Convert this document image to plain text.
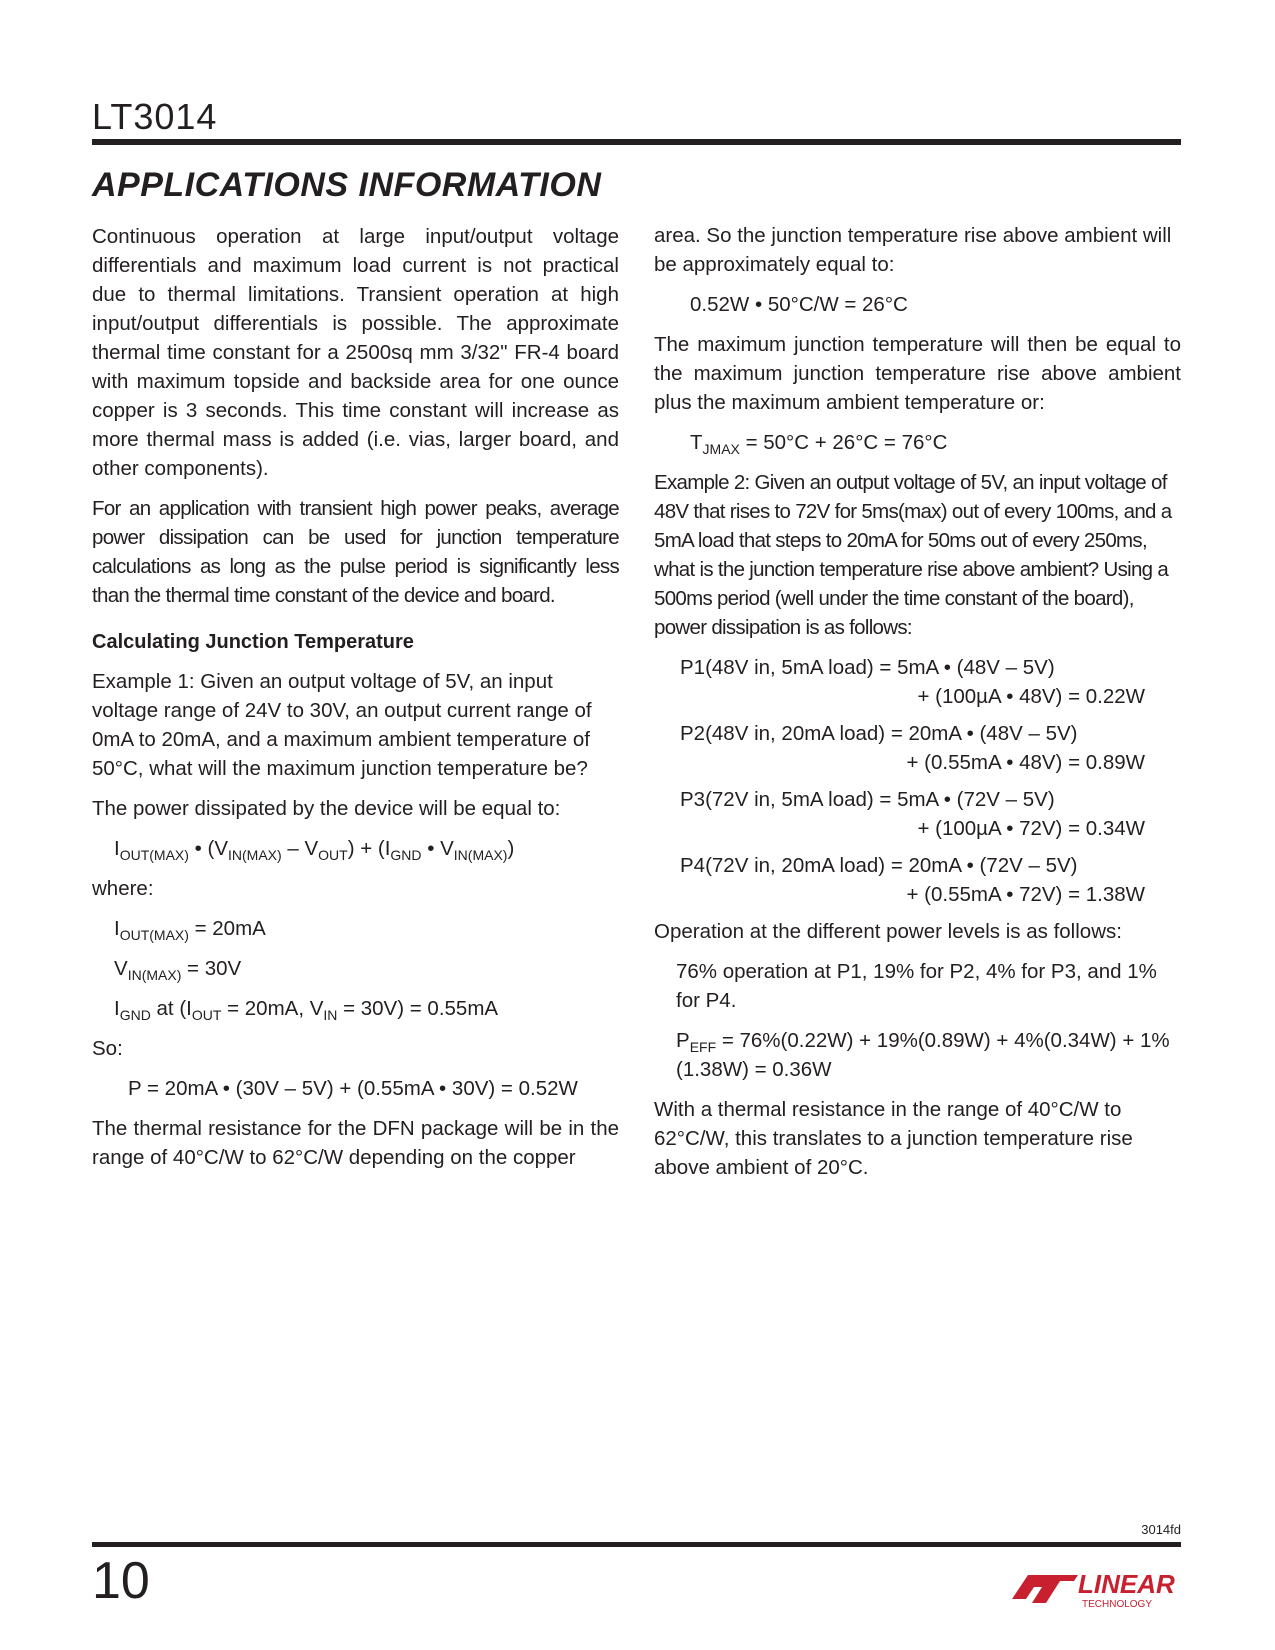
LT3014
APPLICATIONS INFORMATION

Continuous operation at large input/output voltage differentials and maximum load current is not practical due to thermal limitations. Transient operation at high input/output differentials is possible. The approximate thermal time constant for a 2500sq mm 3/32" FR-4 board with maximum topside and backside area for one ounce copper is 3 seconds. This time constant will increase as more thermal mass is added (i.e. vias, larger board, and other components).

For an application with transient high power peaks, average power dissipation can be used for junction temperature calculations as long as the pulse period is significantly less than the thermal time constant of the device and board.

Calculating Junction Temperature

Example 1: Given an output voltage of 5V, an input voltage range of 24V to 30V, an output current range of 0mA to 20mA, and a maximum ambient temperature of 50°C, what will the maximum junction temperature be?

The power dissipated by the device will be equal to:

$I_{OUT(MAX)}$ • $(V_{IN(MAX)} - V_{OUT}) + (I_{GND}$ • $V_{IN(MAX)}$)

where:

$I_{OUT(MAX)} = 20mA$

$V_{IN(MAX)} = 30V$

$I_{GND}$ at ($I_{OUT} = 20mA$, $V_{IN} = 30V) = 0.55mA$

So:

P = 20mA • (30V – 5V) + (0.55mA • 30V) = 0.52W

The thermal resistance for the DFN package will be in the range of 40°C/W to 62°C/W depending on the copper

area. So the junction temperature rise above ambient will be approximately equal to:

0.52W • 50°C/W = 26°C

The maximum junction temperature will then be equal to the maximum junction temperature rise above ambient plus the maximum ambient temperature or:

$T_{JMAX} = 50^\circ C + 26^\circ C = 76^\circ C$

Example 2: Given an output voltage of 5V, an input voltage of 48V that rises to 72V for 5ms(max) out of every 100ms, and a 5mA load that steps to 20mA for 50ms out of every 250ms, what is the junction temperature rise above ambient? Using a 500ms period (well under the time constant of the board), power dissipation is as follows:

P1(48V in, 5mA load) = 5mA • (48V – 5V)
+ (100µA • 48V) = 0.22W
P2(48V in, 20mA load) = 20mA • (48V – 5V)
+ (0.55mA • 48V) = 0.89W
P3(72V in, 5mA load) = 5mA • (72V – 5V)
+ (100µA • 72V) = 0.34W
P4(72V in, 20mA load) = 20mA • (72V – 5V)
+ (0.55mA • 72V) = 1.38W

Operation at the different power levels is as follows:

76% operation at P1, 19% for P2, 4% for P3, and 1% for P4.

$P_{EFF} = 76\%(0.22W) + 19\%(0.89W) + 4\%(0.34W) + 1\%(1.38W) = 0.36W$

With a thermal resistance in the range of 40°C/W to 62°C/W, this translates to a junction temperature rise above ambient of 20°C.

3014fd
10	LINEAR
TECHNOLOGY
